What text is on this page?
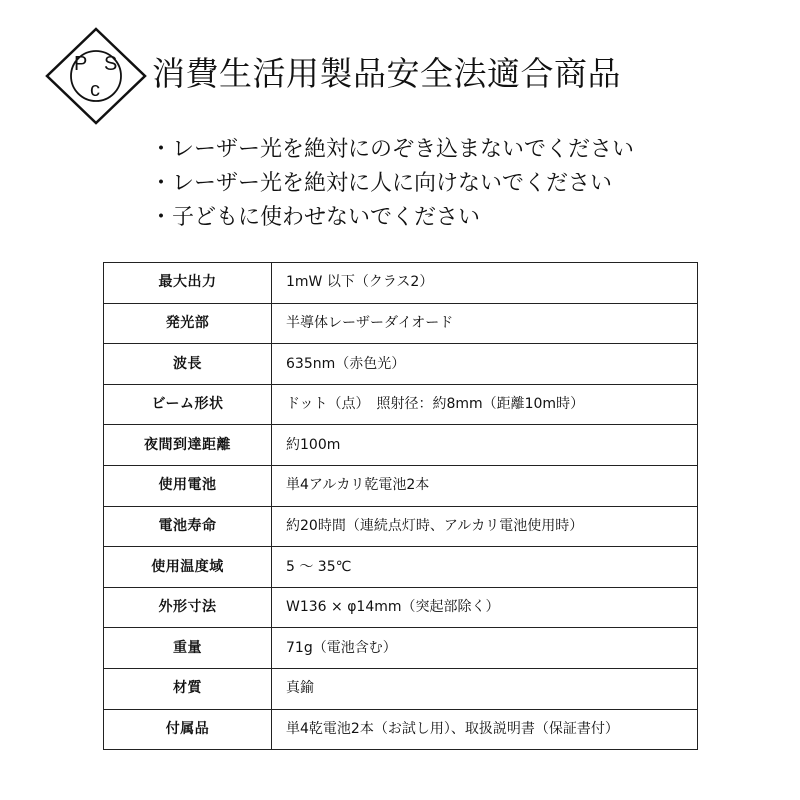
P S
c 消費生活用製品安全法適合商品
・レーザー光を絶対にのぞき込まないでください
・レーザー光を絶対に人に向けないでください
・子どもに使わせないでください
最大出力	1mW 以下（クラス2）
発光部	半導体レーザーダイオード
波長	635nm（赤色光）
ビーム形状	ドット（点）　照射径：約8mm（距離10m時）
夜間到達距離	約100m
使用電池	単4アルカリ乾電池2本
電池寿命	約20時間（連続点灯時、アルカリ電池使用時）
使用温度域	5 ～ 35℃
外形寸法	W136 × φ14mm（突起部除く）
重量	71g（電池含む）
材質	真鍮
付属品	単4乾電池2本（お試し用）、取扱説明書（保証書付）
